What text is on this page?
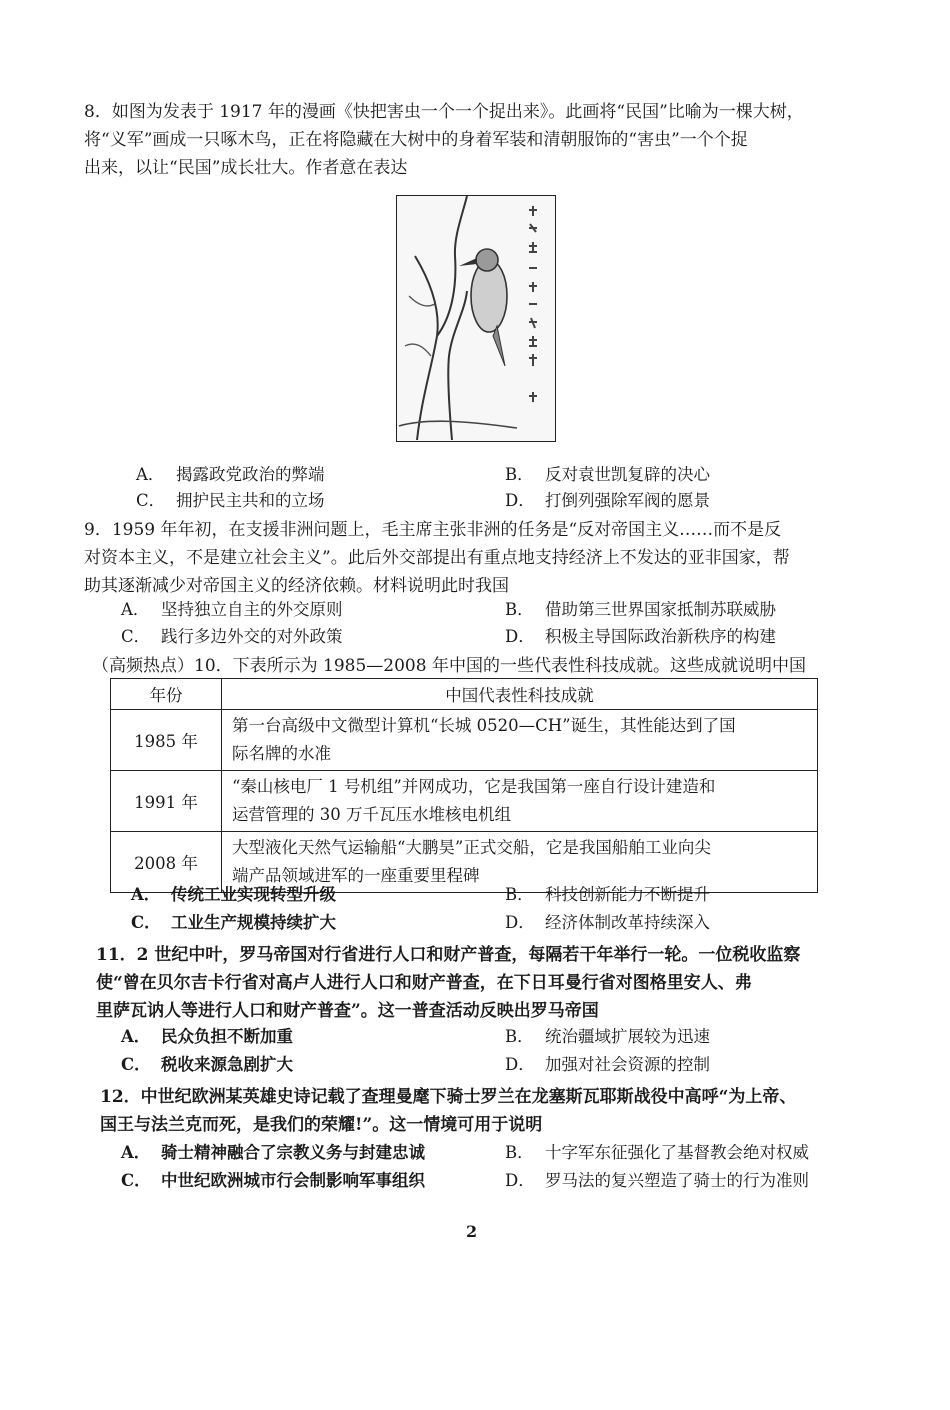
8．如图为发表于 1917 年的漫画《快把害虫一个一个捉出来》。此画将“民国”比喻为一棵大树，
将“义军”画成一只啄木鸟，正在将隐藏在大树中的身着军装和清朝服饰的“害虫”一个个捉
出来，以让“民国”成长壮大。作者意在表达

A． 揭露政党政治的弊端	B． 反对袁世凯复辟的决心
C． 拥护民主共和的立场	D． 打倒列强除军阀的愿景

9．1959 年年初，在支援非洲问题上，毛主席主张非洲的任务是“反对帝国主义……而不是反
对资本主义，不是建立社会主义”。此后外交部提出有重点地支持经济上不发达的亚非国家，帮
助其逐渐减少对帝国主义的经济依赖。材料说明此时我国

A． 坚持独立自主的外交原则	B． 借助第三世界国家抵制苏联威胁
C． 践行多边外交的对外政策	D． 积极主导国际政治新秩序的构建

（高频热点）10．下表所示为 1985—2008 年中国的一些代表性科技成就。这些成就说明中国

年份	中国代表性科技成就
1985 年	第一台高级中文微型计算机“长城 0520—CH”诞生，其性能达到了国
际名牌的水准

1991 年	“秦山核电厂 1 号机组”并网成功，它是我国第一座自行设计建造和
运营管理的 30 万千瓦压水堆核电机组

2008 年	大型液化天然气运输船“大鹏昊”正式交船，它是我国船舶工业向尖
端产品领域进军的一座重要里程碑
A． 传统工业实现转型升级	B． 科技创新能力不断提升
C． 工业生产规模持续扩大	D． 经济体制改革持续深入

11．2 世纪中叶，罗马帝国对行省进行人口和财产普查，每隔若干年举行一轮。一位税收监察
使“曾在贝尔吉卡行省对高卢人进行人口和财产普查，在下日耳曼行省对图格里安人、弗
里萨瓦讷人等进行人口和财产普查”。这一普查活动反映出罗马帝国

A． 民众负担不断加重	B． 统治疆域扩展较为迅速
C． 税收来源急剧扩大	D． 加强对社会资源的控制

12．中世纪欧洲某英雄史诗记载了查理曼麾下骑士罗兰在龙塞斯瓦耶斯战役中高呼“为上帝、
国王与法兰克而死，是我们的荣耀!”。这一情境可用于说明

A． 骑士精神融合了宗教义务与封建忠诚	B． 十字军东征强化了基督教会绝对权威
C． 中世纪欧洲城市行会制影响军事组织	D． 罗马法的复兴塑造了骑士的行为准则
2
